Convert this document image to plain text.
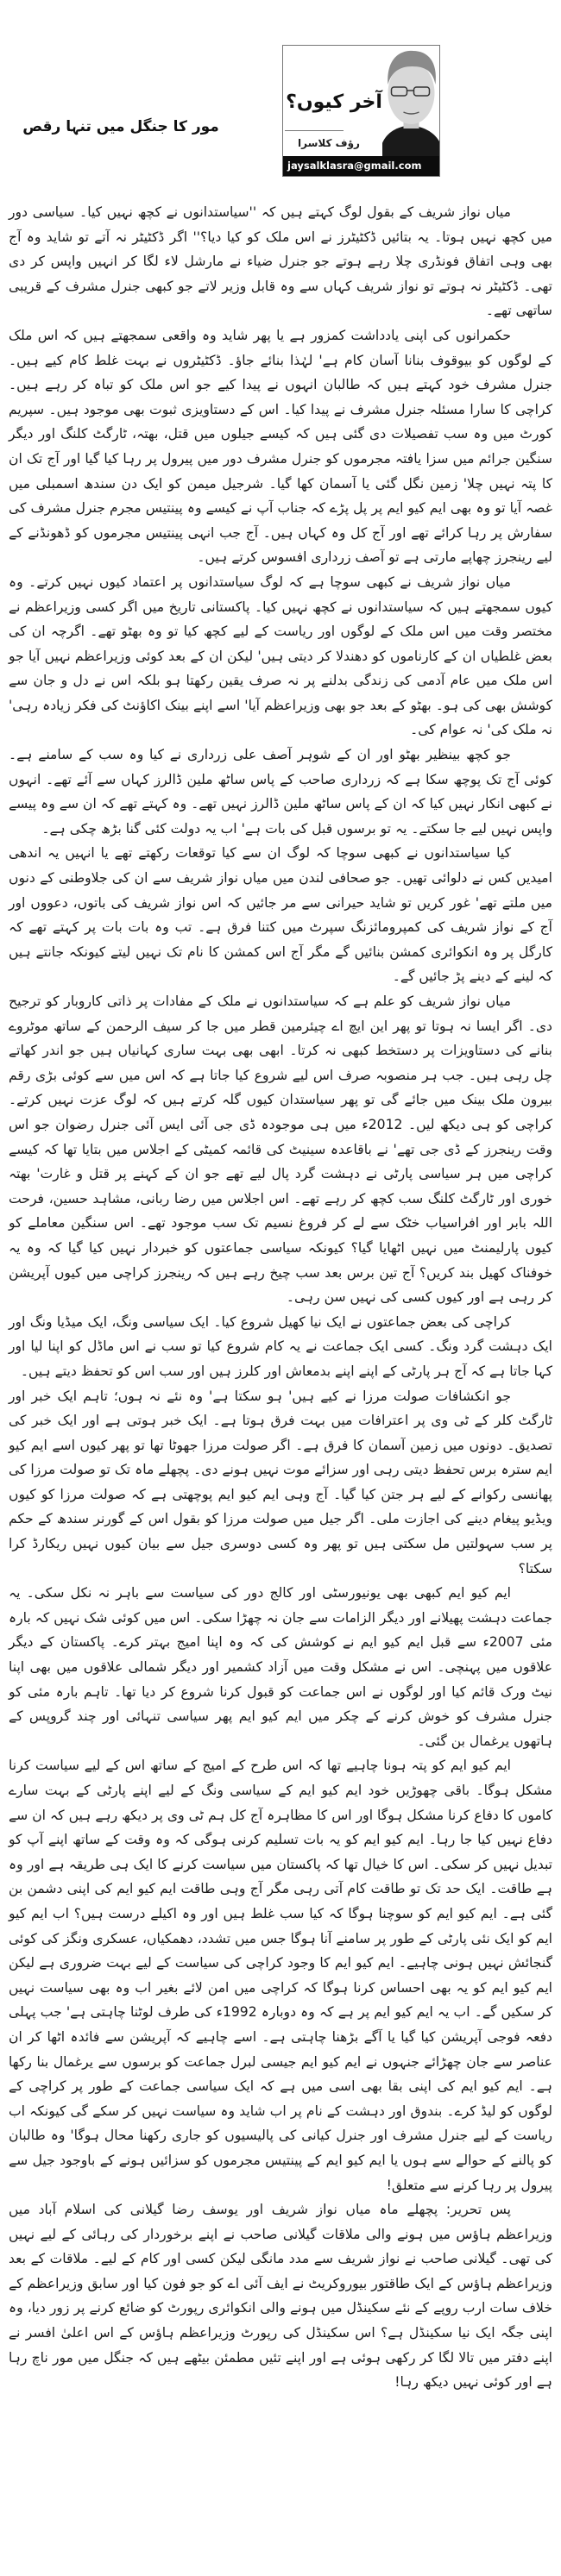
مور کا جنگل میں تنہا رقص
آخر کیوں؟
رؤف کلاسرا
jaysalklasra@gmail.com

میاں نواز شریف کے بقول لوگ کہتے ہیں کہ ''سیاستدانوں نے کچھ نہیں کیا۔ سیاسی دور میں کچھ نہیں ہوتا۔ یہ بتائیں ڈکٹیٹرز نے اس ملک کو کیا دیا؟'' اگر ڈکٹیٹر نہ آتے تو شاید وہ آج بھی وہی اتفاق فونڈری چلا رہے ہوتے جو جنرل ضیاء نے مارشل لاء لگا کر انہیں واپس کر دی تھی۔ ڈکٹیٹر نہ ہوتے تو نواز شریف کہاں سے وہ قابل وزیر لاتے جو کبھی جنرل مشرف کے قریبی ساتھی تھے۔

حکمرانوں کی اپنی یادداشت کمزور ہے یا پھر شاید وہ واقعی سمجھتے ہیں کہ اس ملک کے لوگوں کو بیوقوف بنانا آسان کام ہے' لہٰذا بنائے جاؤ۔ ڈکٹیٹروں نے بہت غلط کام کیے ہیں۔ جنرل مشرف خود کہتے ہیں کہ طالبان انہوں نے پیدا کیے جو اس ملک کو تباہ کر رہے ہیں۔ کراچی کا سارا مسئلہ جنرل مشرف نے پیدا کیا۔ اس کے دستاویزی ثبوت بھی موجود ہیں۔ سپریم کورٹ میں وہ سب تفصیلات دی گئی ہیں کہ کیسے جیلوں میں قتل، بھتہ، ٹارگٹ کلنگ اور دیگر سنگین جرائم میں سزا یافتہ مجرموں کو جنرل مشرف دور میں پیرول پر رہا کیا گیا اور آج تک ان کا پتہ نہیں چلا' زمین نگل گئی یا آسمان کھا گیا۔ شرجیل میمن کو ایک دن سندھ اسمبلی میں غصہ آیا تو وہ بھی ایم کیو ایم پر پل پڑے کہ جناب آپ نے کیسے وہ پینتیس مجرم جنرل مشرف کی سفارش پر رہا کرائے تھے اور آج کل وہ کہاں ہیں۔ آج جب انہی پینتیس مجرموں کو ڈھونڈنے کے لیے رینجرز چھاپے مارتی ہے تو آصف زرداری افسوس کرتے ہیں۔

میاں نواز شریف نے کبھی سوچا ہے کہ لوگ سیاستدانوں پر اعتماد کیوں نہیں کرتے۔ وہ کیوں سمجھتے ہیں کہ سیاستدانوں نے کچھ نہیں کیا۔ پاکستانی تاریخ میں اگر کسی وزیراعظم نے مختصر وقت میں اس ملک کے لوگوں اور ریاست کے لیے کچھ کیا تو وہ بھٹو تھے۔ اگرچہ ان کی بعض غلطیاں ان کے کارناموں کو دھندلا کر دیتی ہیں' لیکن ان کے بعد کوئی وزیراعظم نہیں آیا جو اس ملک میں عام آدمی کی زندگی بدلنے پر نہ صرف یقین رکھتا ہو بلکہ اس نے دل و جان سے کوشش بھی کی ہو۔ بھٹو کے بعد جو بھی وزیراعظم آیا' اسے اپنے بینک اکاؤنٹ کی فکر زیادہ رہی' نہ ملک کی' نہ عوام کی۔

جو کچھ بینظیر بھٹو اور ان کے شوہر آصف علی زرداری نے کیا وہ سب کے سامنے ہے۔ کوئی آج تک پوچھ سکا ہے کہ زرداری صاحب کے پاس ساٹھ ملین ڈالرز کہاں سے آئے تھے۔ انہوں نے کبھی انکار نہیں کیا کہ ان کے پاس ساٹھ ملین ڈالرز نہیں تھے۔ وہ کہتے تھے کہ ان سے وہ پیسے واپس نہیں لیے جا سکتے۔ یہ تو برسوں قبل کی بات ہے' اب یہ دولت کئی گنا بڑھ چکی ہے۔

کیا سیاستدانوں نے کبھی سوچا کہ لوگ ان سے کیا توقعات رکھتے تھے یا انہیں یہ اندھی امیدیں کس نے دلوائی تھیں۔ جو صحافی لندن میں میاں نواز شریف سے ان کی جلاوطنی کے دنوں میں ملتے تھے' غور کریں تو شاید حیرانی سے مر جائیں کہ اس نواز شریف کی باتوں، دعووں اور آج کے نواز شریف کی کمپرومائزنگ سپرٹ میں کتنا فرق ہے۔ تب وہ بات بات پر کہتے تھے کہ کارگل پر وہ انکوائری کمشن بنائیں گے مگر آج اس کمشن کا نام تک نہیں لیتے کیونکہ جانتے ہیں کہ لینے کے دینے پڑ جائیں گے۔

میاں نواز شریف کو علم ہے کہ سیاستدانوں نے ملک کے مفادات پر ذاتی کاروبار کو ترجیح دی۔ اگر ایسا نہ ہوتا تو پھر این ایچ اے چیئرمین قطر میں جا کر سیف الرحمن کے ساتھ موٹروے بنانے کی دستاویزات پر دستخط کبھی نہ کرتا۔ ابھی بھی بہت ساری کہانیاں ہیں جو اندر کھاتے چل رہی ہیں۔ جب ہر منصوبہ صرف اس لیے شروع کیا جاتا ہے کہ اس میں سے کوئی بڑی رقم بیرون ملک بینک میں جائے گی تو پھر سیاستدان کیوں گلہ کرتے ہیں کہ لوگ عزت نہیں کرتے۔ کراچی کو ہی دیکھ لیں۔ 2012ء میں ہی موجودہ ڈی جی آئی ایس آئی جنرل رضوان جو اس وقت رینجرز کے ڈی جی تھے' نے باقاعدہ سینیٹ کی قائمہ کمیٹی کے اجلاس میں بتایا تھا کہ کیسے کراچی میں ہر سیاسی پارٹی نے دہشت گرد پال لیے تھے جو ان کے کہنے پر قتل و غارت' بھتہ خوری اور ٹارگٹ کلنگ سب کچھ کر رہے تھے۔ اس اجلاس میں رضا ربانی، مشاہد حسین، فرحت اللہ بابر اور افراسیاب خٹک سے لے کر فروغ نسیم تک سب موجود تھے۔ اس سنگین معاملے کو کیوں پارلیمنٹ میں نہیں اٹھایا گیا؟ کیونکہ سیاسی جماعتوں کو خبردار نہیں کیا گیا کہ وہ یہ خوفناک کھیل بند کریں؟ آج تین برس بعد سب چیخ رہے ہیں کہ رینجرز کراچی میں کیوں آپریشن کر رہی ہے اور کیوں کسی کی نہیں سن رہی۔

کراچی کی بعض جماعتوں نے ایک نیا کھیل شروع کیا۔ ایک سیاسی ونگ، ایک میڈیا ونگ اور ایک دہشت گرد ونگ۔ کسی ایک جماعت نے یہ کام شروع کیا تو سب نے اس ماڈل کو اپنا لیا اور کہا جاتا ہے کہ آج ہر پارٹی کے اپنے اپنے بدمعاش اور کلرز ہیں اور سب اس کو تحفظ دیتے ہیں۔

جو انکشافات صولت مرزا نے کیے ہیں' ہو سکتا ہے' وہ نئے نہ ہوں؛ تاہم ایک خبر اور ٹارگٹ کلر کے ٹی وی پر اعترافات میں بہت فرق ہوتا ہے۔ ایک خبر ہوتی ہے اور ایک خبر کی تصدیق۔ دونوں میں زمین آسمان کا فرق ہے۔ اگر صولت مرزا جھوٹا تھا تو پھر کیوں اسے ایم کیو ایم سترہ برس تحفظ دیتی رہی اور سزائے موت نہیں ہونے دی۔ پچھلے ماہ تک تو صولت مرزا کی پھانسی رکوانے کے لیے ہر جتن کیا گیا۔ آج وہی ایم کیو ایم پوچھتی ہے کہ صولت مرزا کو کیوں ویڈیو پیغام دینے کی اجازت ملی۔ اگر جیل میں صولت مرزا کو بقول اس کے گورنر سندھ کے حکم پر سب سہولتیں مل سکتی ہیں تو پھر وہ کسی دوسری جیل سے بیان کیوں نہیں ریکارڈ کرا سکتا؟

ایم کیو ایم کبھی بھی یونیورسٹی اور کالج دور کی سیاست سے باہر نہ نکل سکی۔ یہ جماعت دہشت پھیلانے اور دیگر الزامات سے جان نہ چھڑا سکی۔ اس میں کوئی شک نہیں کہ بارہ مئی 2007ء سے قبل ایم کیو ایم نے کوشش کی کہ وہ اپنا امیج بہتر کرے۔ پاکستان کے دیگر علاقوں میں پہنچی۔ اس نے مشکل وقت میں آزاد کشمیر اور دیگر شمالی علاقوں میں بھی اپنا نیٹ ورک قائم کیا اور لوگوں نے اس جماعت کو قبول کرنا شروع کر دیا تھا۔ تاہم بارہ مئی کو جنرل مشرف کو خوش کرنے کے چکر میں ایم کیو ایم پھر سیاسی تنہائی اور چند گروپس کے ہاتھوں یرغمال بن گئی۔

ایم کیو ایم کو پتہ ہونا چاہیے تھا کہ اس طرح کے امیج کے ساتھ اس کے لیے سیاست کرنا مشکل ہوگا۔ باقی چھوڑیں خود ایم کیو ایم کے سیاسی ونگ کے لیے اپنے پارٹی کے بہت سارے کاموں کا دفاع کرنا مشکل ہوگا اور اس کا مظاہرہ آج کل ہم ٹی وی پر دیکھ رہے ہیں کہ ان سے دفاع نہیں کیا جا رہا۔ ایم کیو ایم کو یہ بات تسلیم کرنی ہوگی کہ وہ وقت کے ساتھ اپنے آپ کو تبدیل نہیں کر سکی۔ اس کا خیال تھا کہ پاکستان میں سیاست کرنے کا ایک ہی طریقہ ہے اور وہ ہے طاقت۔ ایک حد تک تو طاقت کام آتی رہی مگر آج وہی طاقت ایم کیو ایم کی اپنی دشمن بن گئی ہے۔ ایم کیو ایم کو سوچنا ہوگا کہ کیا سب غلط ہیں اور وہ اکیلے درست ہیں؟ اب ایم کیو ایم کو ایک نئی پارٹی کے طور پر سامنے آنا ہوگا جس میں تشدد، دھمکیاں، عسکری ونگز کی کوئی گنجائش نہیں ہونی چاہیے۔ ایم کیو ایم کا وجود کراچی کی سیاست کے لیے بہت ضروری ہے لیکن ایم کیو ایم کو یہ بھی احساس کرنا ہوگا کہ کراچی میں امن لائے بغیر اب وہ بھی سیاست نہیں کر سکیں گے۔ اب یہ ایم کیو ایم پر ہے کہ وہ دوبارہ 1992ء کی طرف لوٹنا چاہتی ہے' جب پہلی دفعہ فوجی آپریشن کیا گیا یا آگے بڑھنا چاہتی ہے۔ اسے چاہیے کہ آپریشن سے فائدہ اٹھا کر ان عناصر سے جان چھڑائے جنہوں نے ایم کیو ایم جیسی لبرل جماعت کو برسوں سے یرغمال بنا رکھا ہے۔ ایم کیو ایم کی اپنی بقا بھی اسی میں ہے کہ ایک سیاسی جماعت کے طور پر کراچی کے لوگوں کو لیڈ کرے۔ بندوق اور دہشت کے نام پر اب شاید وہ سیاست نہیں کر سکے گی کیونکہ اب ریاست کے لیے جنرل مشرف اور جنرل کیانی کی پالیسیوں کو جاری رکھنا محال ہوگا' وہ طالبان کو پالنے کے حوالے سے ہوں یا ایم کیو ایم کے پینتیس مجرموں کو سزائیں ہونے کے باوجود جیل سے پیرول پر رہا کرنے سے متعلق!

پس تحریر: پچھلے ماہ میاں نواز شریف اور یوسف رضا گیلانی کی اسلام آباد میں وزیراعظم ہاؤس میں ہونے والی ملاقات گیلانی صاحب نے اپنے برخوردار کی رہائی کے لیے نہیں کی تھی۔ گیلانی صاحب نے نواز شریف سے مدد مانگی لیکن کسی اور کام کے لیے۔ ملاقات کے بعد وزیراعظم ہاؤس کے ایک طاقتور بیوروکریٹ نے ایف آئی اے کو جو فون کیا اور سابق وزیراعظم کے خلاف سات ارب روپے کے نئے سکینڈل میں ہونے والی انکوائری رپورٹ کو ضائع کرنے پر زور دیا، وہ اپنی جگہ ایک نیا سکینڈل ہے؟ اس سکینڈل کی رپورٹ وزیراعظم ہاؤس کے اس اعلیٰ افسر نے اپنے دفتر میں تالا لگا کر رکھی ہوئی ہے اور اپنے تئیں مطمئن بیٹھے ہیں کہ جنگل میں مور ناچ رہا ہے اور کوئی نہیں دیکھ رہا!
